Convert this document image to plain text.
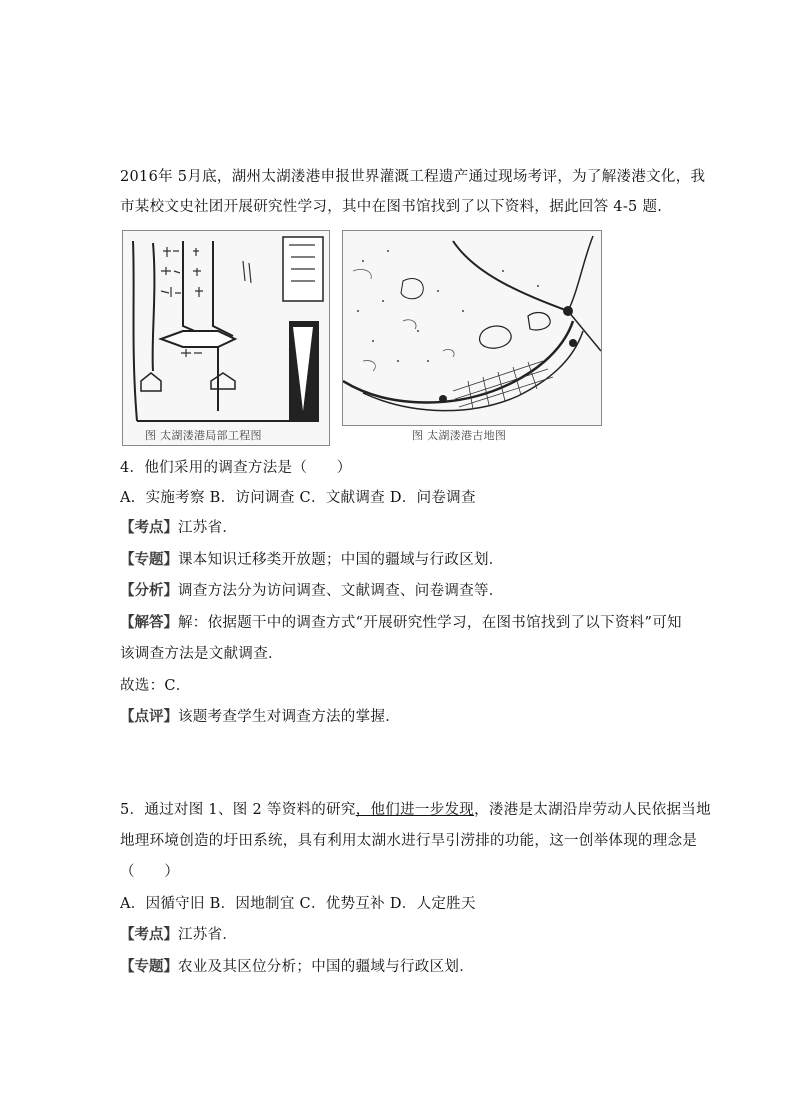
2016年 5月底，湖州太湖溇港申报世界灌溉工程遗产通过现场考评，为了解溇港文化，我
市某校文史社团开展研究性学习，其中在图书馆找到了以下资料，据此回答 4-5 题.
图 太湖溇港局部工程图	图 太湖溇港古地图
4．他们采用的调查方法是（　　）
A．实施考察 B．访问调查 C．文献调查 D．问卷调查
【考点】江苏省．
【专题】课本知识迁移类开放题；中国的疆域与行政区划．
【分析】调查方法分为访问调查、文献调查、问卷调查等．
【解答】解：依据题干中的调查方式“开展研究性学习，在图书馆找到了以下资料”可知
该调查方法是文献调查．
故选：C．
【点评】该题考查学生对调查方法的掌握．
5．通过对图 1、图 2 等资料的研究，他们进一步发现，溇港是太湖沿岸劳动人民依据当地
地理环境创造的圩田系统，具有利用太湖水进行旱引涝排的功能，这一创举体现的理念是
（　　）
A．因循守旧 B．因地制宜 C．优势互补 D．人定胜天
【考点】江苏省．
【专题】农业及其区位分析；中国的疆域与行政区划．
